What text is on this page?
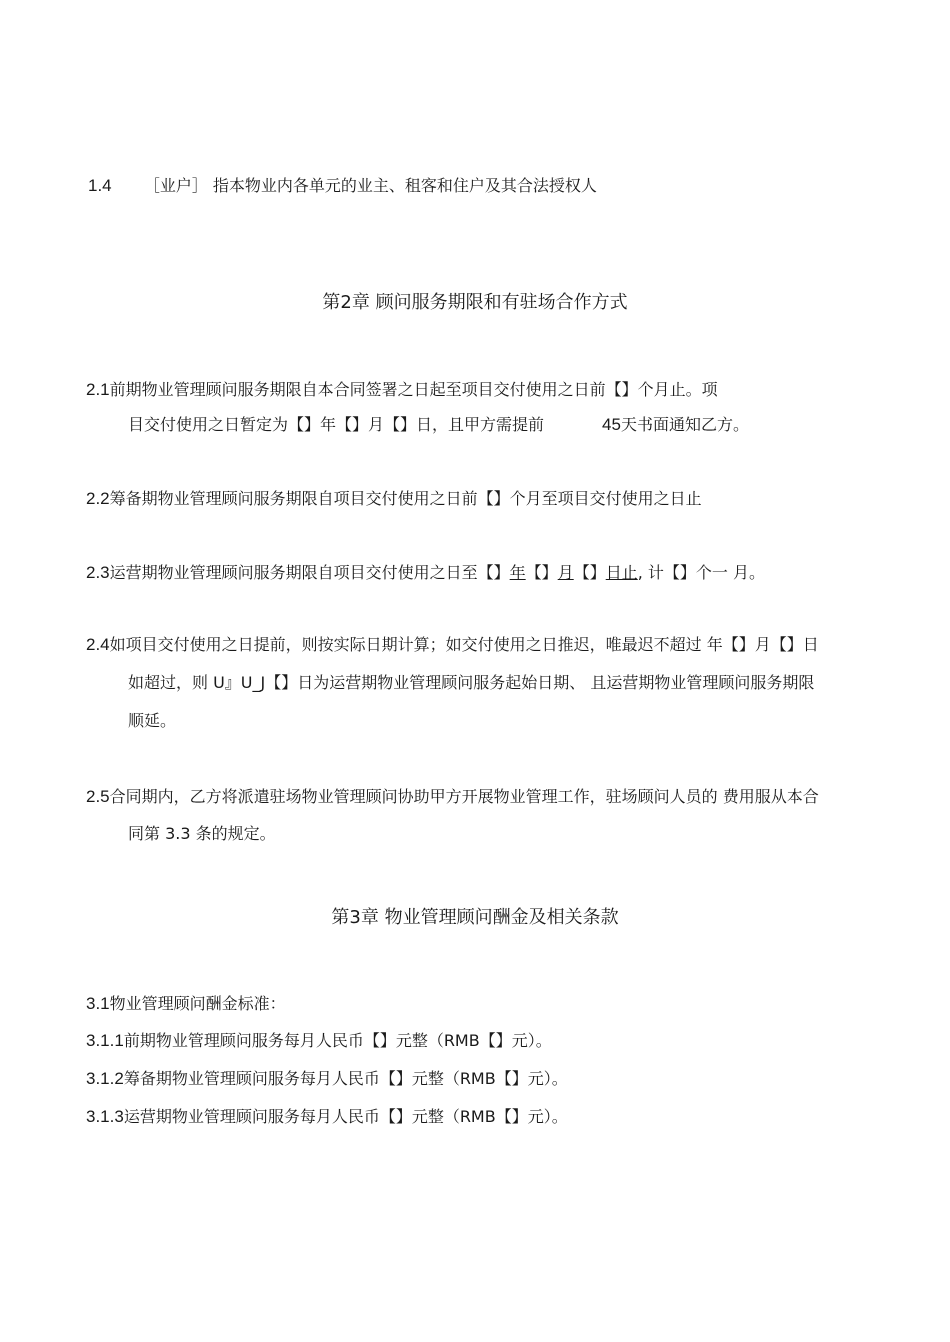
1.4 ［业户］ 指本物业内各单元的业主、租客和住户及其合法授权人
第2章 顾问服务期限和有驻场合作方式
2.1前期物业管理顾问服务期限自本合同签署之日起至项目交付使用之日前【】个月止。项
目交付使用之日暂定为【】年【】月【】日，且甲方需提前	45天书面通知乙方。
2.2筹备期物业管理顾问服务期限自项目交付使用之日前【】个月至项目交付使用之日止
2.3运营期物业管理顾问服务期限自项目交付使用之日至【】年【】月【】日止, 计【】个一 月。
2.4如项目交付使用之日提前，则按实际日期计算；如交付使用之日推迟，唯最迟不超过 年【】月【】日
如超过，则 U』U_J【】日为运营期物业管理顾问服务起始日期、 且运营期物业管理顾问服务期限
顺延。
2.5合同期内，乙方将派遣驻场物业管理顾问协助甲方开展物业管理工作，驻场顾问人员的 费用服从本合
同第 3.3 条的规定。
第3章 物业管理顾问酬金及相关条款
3.1物业管理顾问酬金标准：
3.1.1前期物业管理顾问服务每月人民币【】元整（RMB【】元）。
3.1.2筹备期物业管理顾问服务每月人民币【】元整（RMB【】元）。
3.1.3运营期物业管理顾问服务每月人民币【】元整（RMB【】元）。
